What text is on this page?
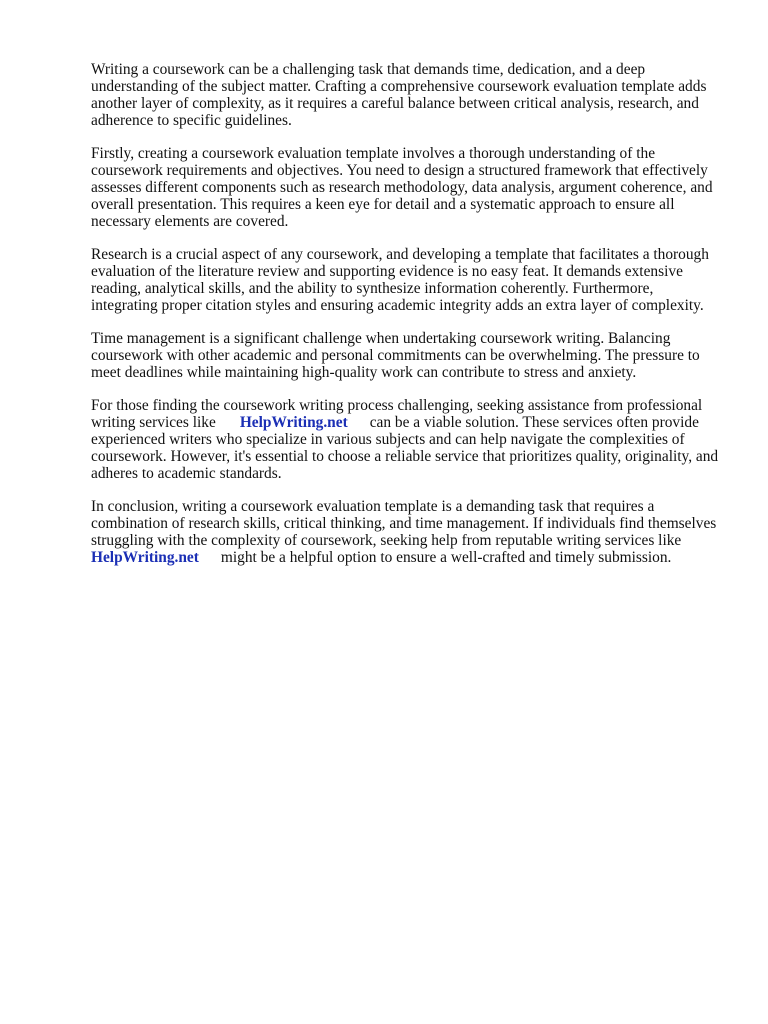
Writing a coursework can be a challenging task that demands time, dedication, and a deep
understanding of the subject matter. Crafting a comprehensive coursework evaluation template adds
another layer of complexity, as it requires a careful balance between critical analysis, research, and
adherence to specific guidelines.

Firstly, creating a coursework evaluation template involves a thorough understanding of the
coursework requirements and objectives. You need to design a structured framework that effectively
assesses different components such as research methodology, data analysis, argument coherence, and
overall presentation. This requires a keen eye for detail and a systematic approach to ensure all
necessary elements are covered.

Research is a crucial aspect of any coursework, and developing a template that facilitates a thorough
evaluation of the literature review and supporting evidence is no easy feat. It demands extensive
reading, analytical skills, and the ability to synthesize information coherently. Furthermore,
integrating proper citation styles and ensuring academic integrity adds an extra layer of complexity.

Time management is a significant challenge when undertaking coursework writing. Balancing
coursework with other academic and personal commitments can be overwhelming. The pressure to
meet deadlines while maintaining high-quality work can contribute to stress and anxiety.

For those finding the coursework writing process challenging, seeking assistance from professional
writing services like HelpWriting.net can be a viable solution. These services often provide
experienced writers who specialize in various subjects and can help navigate the complexities of
coursework. However, it's essential to choose a reliable service that prioritizes quality, originality, and
adheres to academic standards.

In conclusion, writing a coursework evaluation template is a demanding task that requires a
combination of research skills, critical thinking, and time management. If individuals find themselves
struggling with the complexity of coursework, seeking help from reputable writing services like
HelpWriting.net might be a helpful option to ensure a well-crafted and timely submission.
